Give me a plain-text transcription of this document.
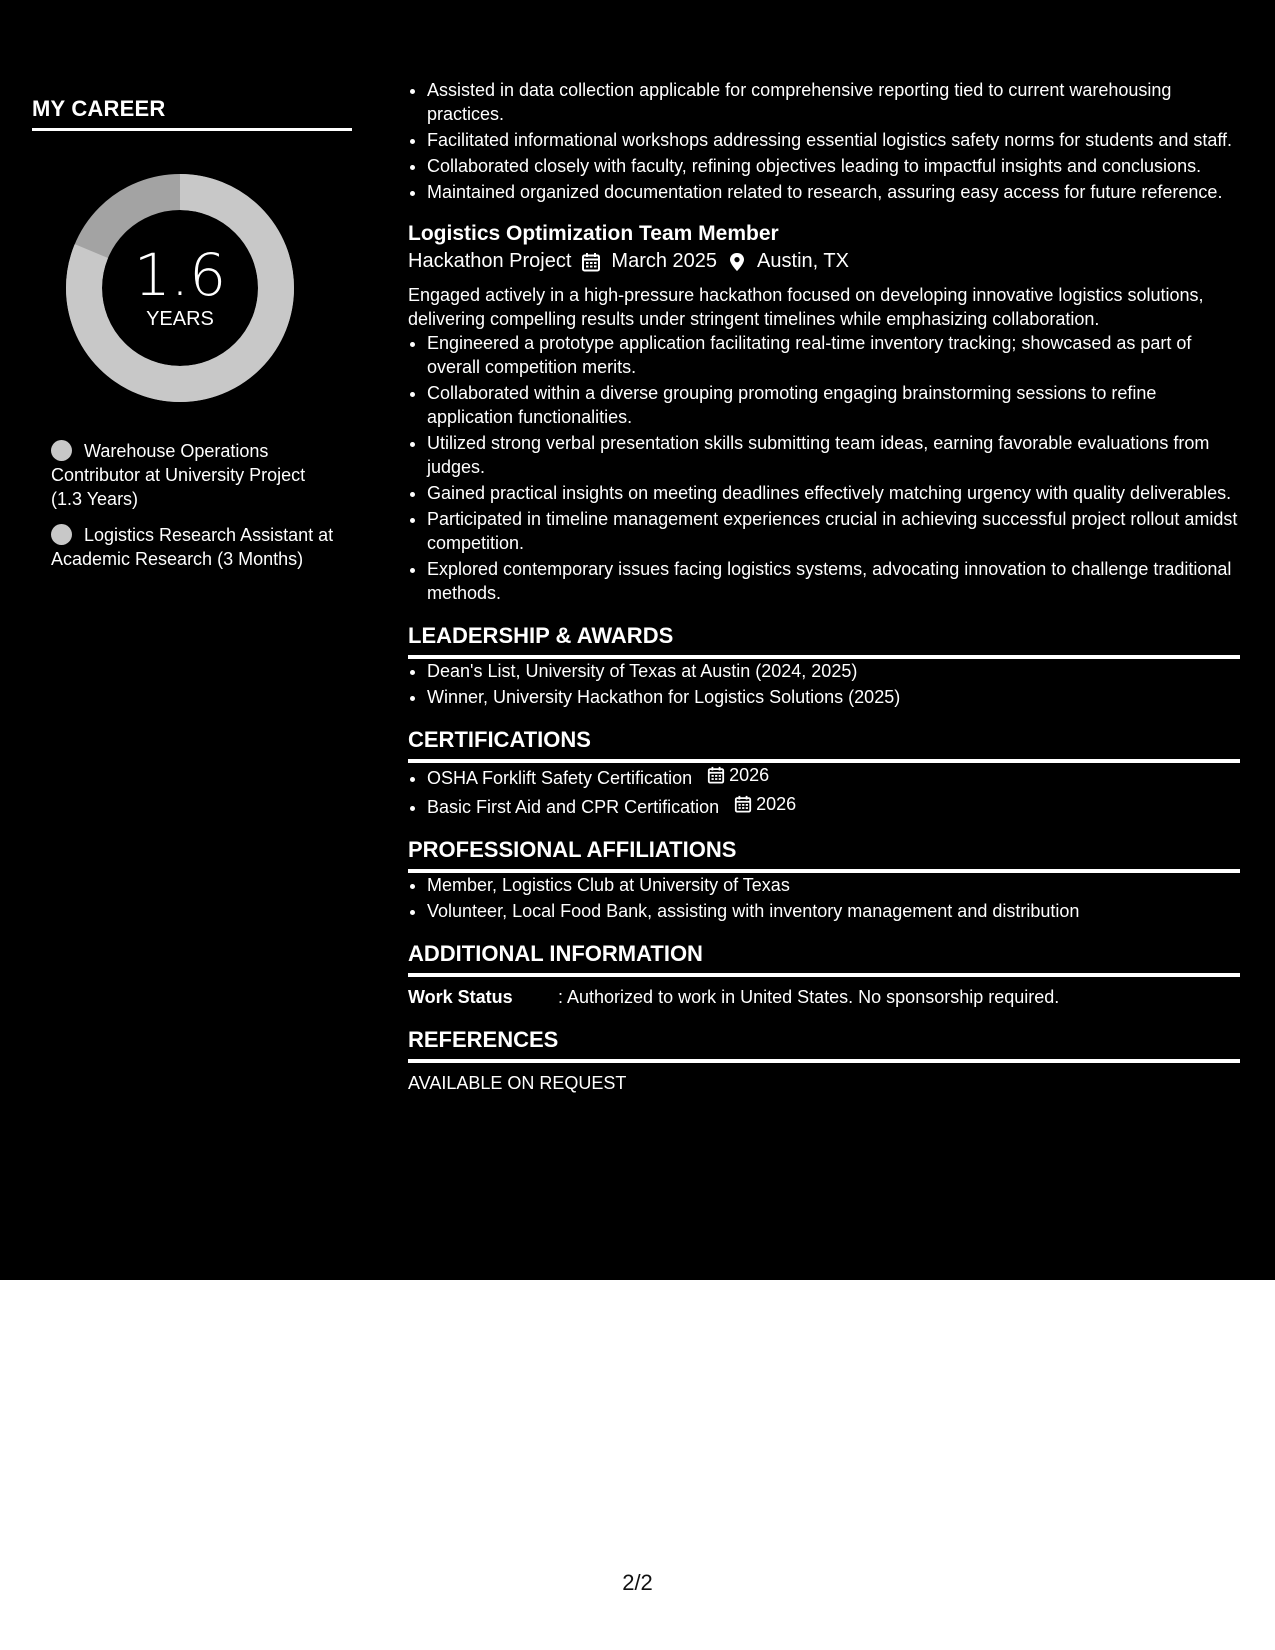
MY CAREER
1.6
YEARS
Warehouse Operations Contributor at University Project (1.3 Years)
Logistics Research Assistant at Academic Research (3 Months)
• Assisted in data collection applicable for comprehensive reporting tied to current warehousing practices.
• Facilitated informational workshops addressing essential logistics safety norms for students and staff.
• Collaborated closely with faculty, refining objectives leading to impactful insights and conclusions.
• Maintained organized documentation related to research, assuring easy access for future reference.
Logistics Optimization Team Member
Hackathon Project March 2025 Austin, TX

Engaged actively in a high-pressure hackathon focused on developing innovative logistics solutions, delivering compelling results under stringent timelines while emphasizing collaboration.

• Engineered a prototype application facilitating real-time inventory tracking; showcased as part of overall competition merits.
• Collaborated within a diverse grouping promoting engaging brainstorming sessions to refine application functionalities.
• Utilized strong verbal presentation skills submitting team ideas, earning favorable evaluations from judges.
• Gained practical insights on meeting deadlines effectively matching urgency with quality deliverables.
• Participated in timeline management experiences crucial in achieving successful project rollout amidst competition.
• Explored contemporary issues facing logistics systems, advocating innovation to challenge traditional methods.
LEADERSHIP & AWARDS
• Dean's List, University of Texas at Austin (2024, 2025)
• Winner, University Hackathon for Logistics Solutions (2025)
CERTIFICATIONS
• OSHA Forklift Safety Certification 2026
• Basic First Aid and CPR Certification 2026
PROFESSIONAL AFFILIATIONS
• Member, Logistics Club at University of Texas
• Volunteer, Local Food Bank, assisting with inventory management and distribution
ADDITIONAL INFORMATION
Work Status	: Authorized to work in United States. No sponsorship required.
REFERENCES
AVAILABLE ON REQUEST
2/2
